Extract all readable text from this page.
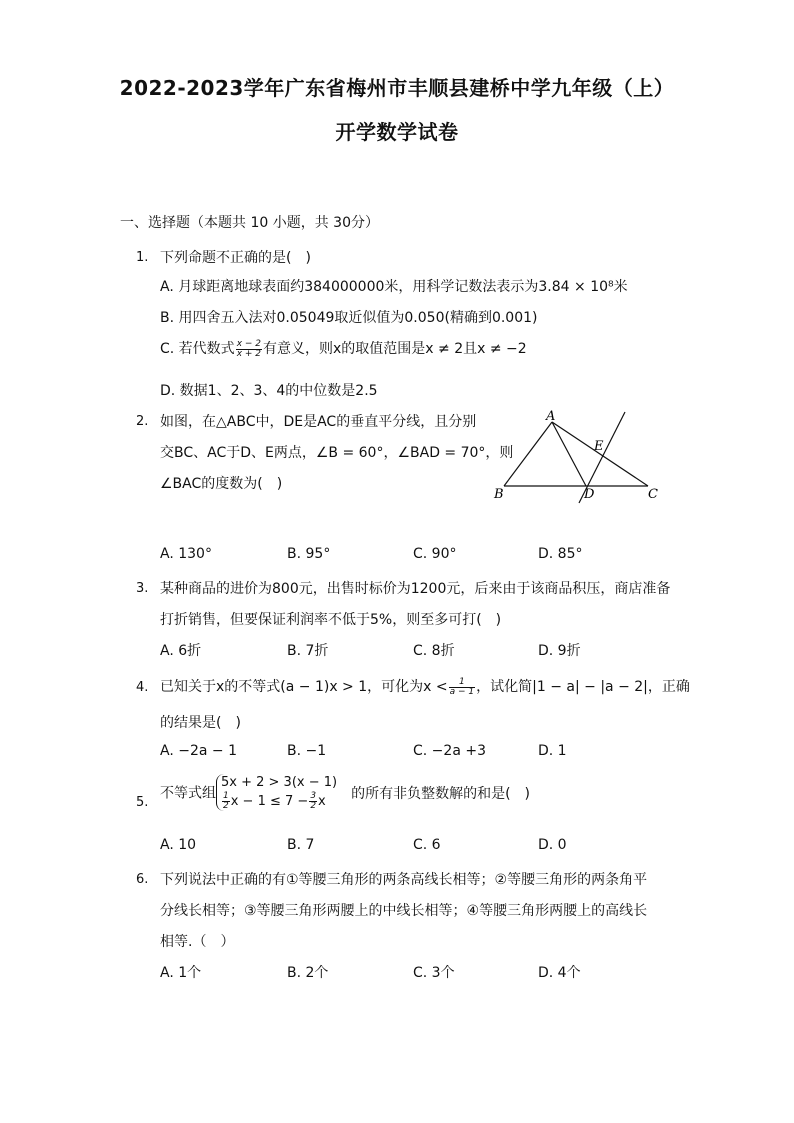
2022-2023学年广东省梅州市丰顺县建桥中学九年级（上）
开学数学试卷
一、选择题（本题共 10 小题，共 30分）
1. 下列命题不正确的是(　)
A. 月球距离地球表面约384000000米，用科学记数法表示为3.84 × 10⁸米
B. 用四舍五入法对0.05049取近似值为0.050(精确到0.001)
C. 若代数式 $\frac{x - 2}{x + 2}$ 有意义，则x的取值范围是x ≠ 2且x ≠ −2
D. 数据1、2、3、4的中位数是2.5
2. 如图，在△ABC中，DE是AC的垂直平分线，且分别
交BC、AC于D、E两点，∠B = 60°，∠BAD = 70°，则
∠BAC的度数为(　)
A
B	C
D
E
A. 130°	B. 95°	C. 90°	D. 85°
3. 某种商品的进价为800元，出售时标价为1200元，后来由于该商品积压，商店准备
打折销售，但要保证利润率不低于5%，则至多可打(　)
A. 6折	B. 7折	C. 8折	D. 9折
4. 已知关于x的不等式(a − 1)x > 1，可化为$x < \frac{1}{a - 1}$ ，试化简|1 − a| − |a − 2|，正确
的结果是(　)
A. −2a − 1	B. −1	C. −2a +3	D. 1
5.
不等式组
5x + 2 > 3(x − 1)
$\frac{1}{2}$ $x - 1 \le 7 - \frac{3}{2}$ x	的所有非负整数解的和是(　)
A. 10	B. 7	C. 6	D. 0
6. 下列说法中正确的有①等腰三角形的两条高线长相等；②等腰三角形的两条角平
分线长相等；③等腰三角形两腰上的中线长相等；④等腰三角形两腰上的高线长
相等.（　）
A. 1个	B. 2个	C. 3个	D. 4个
